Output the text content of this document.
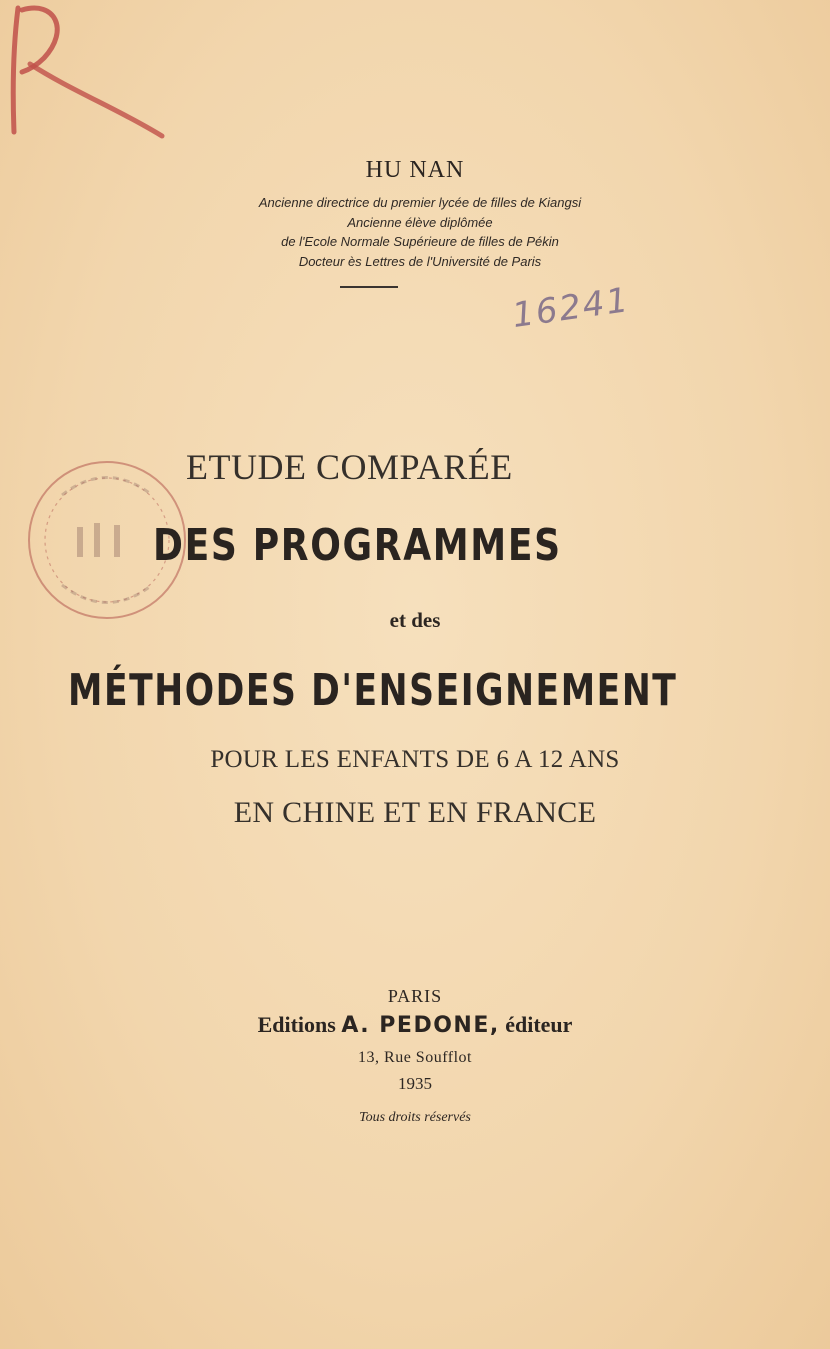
HU NAN
Ancienne directrice du premier lycée de filles de Kiangsi
Ancienne élève diplômée
de l'Ecole Normale Supérieure de filles de Pékin
Docteur ès Lettres de l'Université de Paris
16241
ETUDE COMPARÉE
DES PROGRAMMES
et des
MÉTHODES D'ENSEIGNEMENT
POUR LES ENFANTS DE 6 A 12 ANS
EN CHINE ET EN FRANCE
PARIS
Editions A. PEDONE, éditeur
13, Rue Soufflot
1935
Tous droits réservés
